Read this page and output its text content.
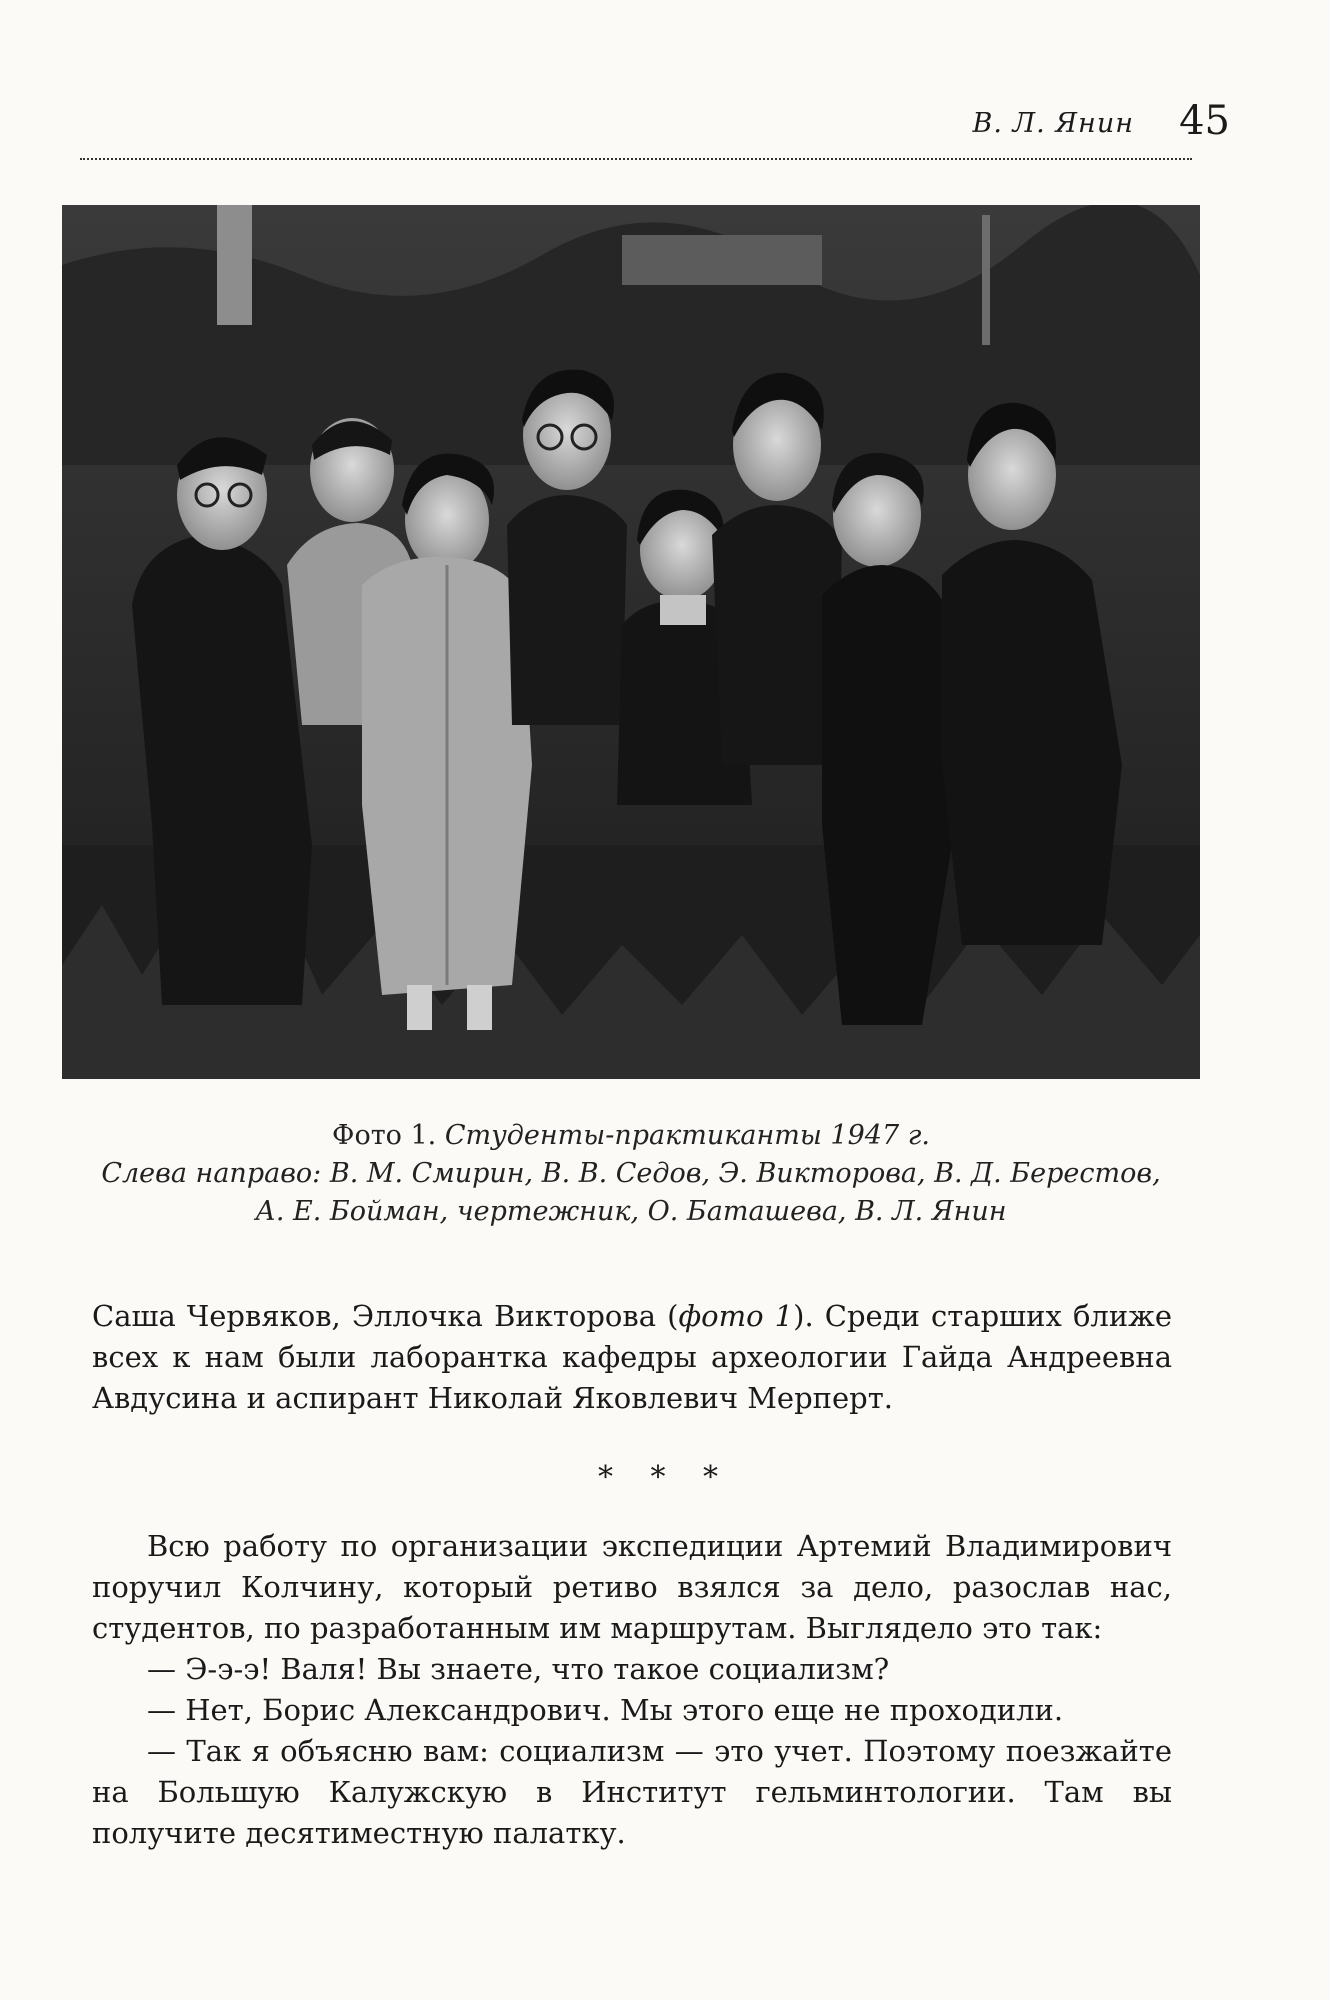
В. Л. Янин 45
Фото 1. Студенты-практиканты 1947 г.
Слева направо: В. М. Смирин, В. В. Седов, Э. Викторова, В. Д. Берестов,
А. Е. Бойман, чертежник, О. Баташева, В. Л. Янин

Саша Червяков, Эллочка Викторова (фото 1). Среди старших ближе всех к нам были лаборантка кафедры археологии Гайда Андреевна Авдусина и аспирант Николай Яковлевич Мерперт.

* * *

Всю работу по организации экспедиции Артемий Владимирович поручил Колчину, который ретиво взялся за дело, разослав нас, студентов, по разработанным им маршрутам. Выглядело это так:

— Э-э-э! Валя! Вы знаете, что такое социализм?

— Нет, Борис Александрович. Мы этого еще не проходили.

— Так я объясню вам: социализм — это учет. Поэтому поезжайте на Большую Калужскую в Институт гельминтологии. Там вы получите десятиместную палатку.
